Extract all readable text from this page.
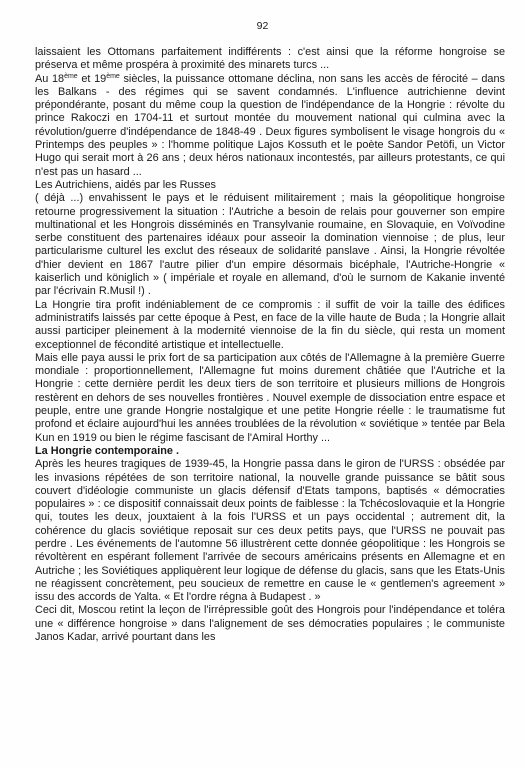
92

laissaient les Ottomans parfaitement indifférents : c'est ainsi que la réforme hongroise se préserva et même prospéra à proximité des minarets turcs ...

Au 18ème et 19ème siècles, la puissance ottomane déclina, non sans les accès de férocité – dans les Balkans - des régimes qui se savent condamnés. L'influence autrichienne devint prépondérante, posant du même coup la question de l'indépendance de la Hongrie : révolte du prince Rakoczi en 1704-11 et surtout montée du mouvement national qui culmina avec la révolution/guerre d'indépendance de 1848-49 . Deux figures symbolisent le visage hongrois du « Printemps des peuples » : l'homme politique Lajos Kossuth et le poète Sandor Petöfi, un Victor Hugo qui serait mort à 26 ans ; deux héros nationaux incontestés, par ailleurs protestants, ce qui n'est pas un hasard ...

Les Autrichiens, aidés par les Russes

( déjà ...) envahissent le pays et le réduisent militairement ; mais la géopolitique hongroise retourne progressivement la situation : l'Autriche a besoin de relais pour gouverner son empire multinational et les Hongrois disséminés en Transylvanie roumaine, en Slovaquie, en Voïvodine serbe constituent des partenaires idéaux pour asseoir la domination viennoise ; de plus, leur particularisme culturel les exclut des réseaux de solidarité panslave . Ainsi, la Hongrie révoltée d'hier devient en 1867 l'autre pilier d'un empire désormais bicéphale, l'Autriche-Hongrie « kaiserlich und königlich » ( impériale et royale en allemand, d'où le surnom de Kakanie inventé par l'écrivain R.Musil !) .

La Hongrie tira profit indéniablement de ce compromis : il suffit de voir la taille des édifices administratifs laissés par cette époque à Pest, en face de la ville haute de Buda ; la Hongrie allait aussi participer pleinement à la modernité viennoise de la fin du siècle, qui resta un moment exceptionnel de fécondité artistique et intellectuelle.

Mais elle paya aussi le prix fort de sa participation aux côtés de l'Allemagne à la première Guerre mondiale : proportionnellement, l'Allemagne fut moins durement châtiée que l'Autriche et la Hongrie : cette dernière perdit les deux tiers de son territoire et plusieurs millions de Hongrois restèrent en dehors de ses nouvelles frontières . Nouvel exemple de dissociation entre espace et peuple, entre une grande Hongrie nostalgique et une petite Hongrie réelle : le traumatisme fut profond et éclaire aujourd'hui les années troublées de la révolution « soviétique » tentée par Bela Kun en 1919 ou bien le régime fascisant de l'Amiral Horthy ...

La Hongrie contemporaine .

Après les heures tragiques de 1939-45, la Hongrie passa dans le giron de l'URSS : obsédée par les invasions répétées de son territoire national, la nouvelle grande puissance se bâtit sous couvert d'idéologie communiste un glacis défensif d'Etats tampons, baptisés « démocraties populaires » : ce dispositif connaissait deux points de faiblesse : la Tchécoslovaquie et la Hongrie qui, toutes les deux, jouxtaient à la fois l'URSS et un pays occidental ; autrement dit, la cohérence du glacis soviétique reposait sur ces deux petits pays, que l'URSS ne pouvait pas perdre . Les événements de l'automne 56 illustrèrent cette donnée géopolitique : les Hongrois se révoltèrent en espérant follement l'arrivée de secours américains présents en Allemagne et en Autriche ; les Soviétiques appliquèrent leur logique de défense du glacis, sans que les Etats-Unis ne réagissent concrètement, peu soucieux de remettre en cause le « gentlemen's agreement » issu des accords de Yalta. « Et l'ordre régna à Budapest . »

Ceci dit, Moscou retint la leçon de l'irrépressible goût des Hongrois pour l'indépendance et toléra une « différence hongroise » dans l'alignement de ses démocraties populaires ; le communiste Janos Kadar, arrivé pourtant dans les
